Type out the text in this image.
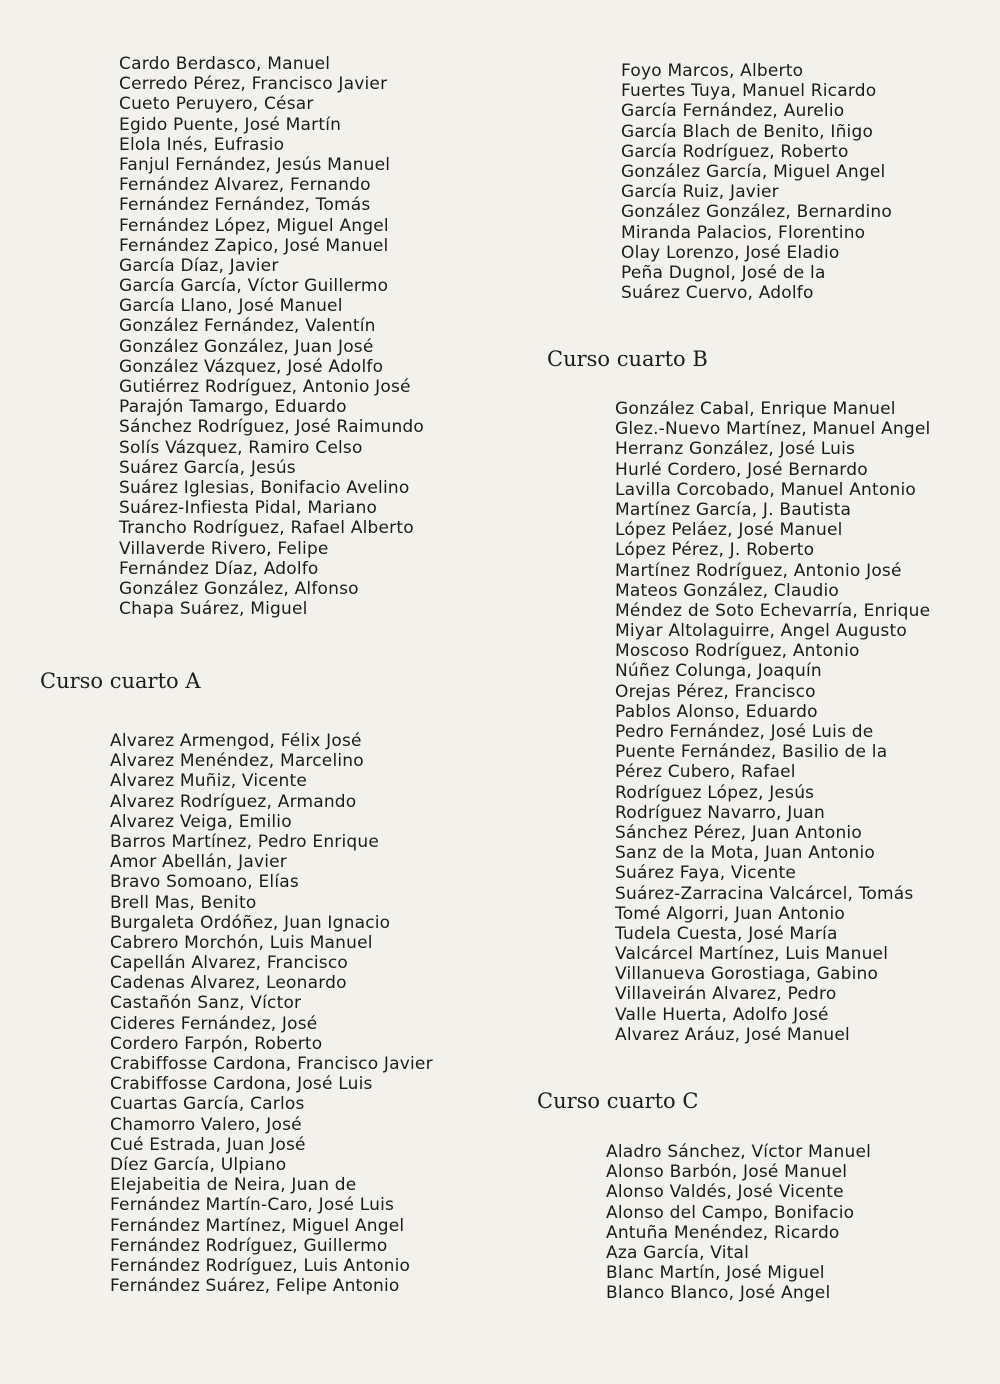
Cardo Berdasco, Manuel
Cerredo Pérez, Francisco Javier
Cueto Peruyero, César
Egido Puente, José Martín
Elola Inés, Eufrasio
Fanjul Fernández, Jesús Manuel
Fernández Alvarez, Fernando
Fernández Fernández, Tomás
Fernández López, Miguel Angel
Fernández Zapico, José Manuel
García Díaz, Javier
García García, Víctor Guillermo
García Llano, José Manuel
González Fernández, Valentín
González González, Juan José
González Vázquez, José Adolfo
Gutiérrez Rodríguez, Antonio José
Parajón Tamargo, Eduardo
Sánchez Rodríguez, José Raimundo
Solís Vázquez, Ramiro Celso
Suárez García, Jesús
Suárez Iglesias, Bonifacio Avelino
Suárez-Infiesta Pidal, Mariano
Trancho Rodríguez, Rafael Alberto
Villaverde Rivero, Felipe
Fernández Díaz, Adolfo
González González, Alfonso
Chapa Suárez, Miguel
Curso cuarto A
Alvarez Armengod, Félix José
Alvarez Menéndez, Marcelino
Alvarez Muñiz, Vicente
Alvarez Rodríguez, Armando
Alvarez Veiga, Emilio
Barros Martínez, Pedro Enrique
Amor Abellán, Javier
Bravo Somoano, Elías
Brell Mas, Benito
Burgaleta Ordóñez, Juan Ignacio
Cabrero Morchón, Luis Manuel
Capellán Alvarez, Francisco
Cadenas Alvarez, Leonardo
Castañón Sanz, Víctor
Cideres Fernández, José
Cordero Farpón, Roberto
Crabiffosse Cardona, Francisco Javier
Crabiffosse Cardona, José Luis
Cuartas García, Carlos
Chamorro Valero, José
Cué Estrada, Juan José
Díez García, Ulpiano
Elejabeitia de Neira, Juan de
Fernández Martín-Caro, José Luis
Fernández Martínez, Miguel Angel
Fernández Rodríguez, Guillermo
Fernández Rodríguez, Luis Antonio
Fernández Suárez, Felipe Antonio
Foyo Marcos, Alberto
Fuertes Tuya, Manuel Ricardo
García Fernández, Aurelio
García Blach de Benito, Iñigo
García Rodríguez, Roberto
González García, Miguel Angel
García Ruiz, Javier
González González, Bernardino
Miranda Palacios, Florentino
Olay Lorenzo, José Eladio
Peña Dugnol, José de la
Suárez Cuervo, Adolfo
Curso cuarto B
González Cabal, Enrique Manuel
Glez.-Nuevo Martínez, Manuel Angel
Herranz González, José Luis
Hurlé Cordero, José Bernardo
Lavilla Corcobado, Manuel Antonio
Martínez García, J. Bautista
López Peláez, José Manuel
López Pérez, J. Roberto
Martínez Rodríguez, Antonio José
Mateos González, Claudio
Méndez de Soto Echevarría, Enrique
Miyar Altolaguirre, Angel Augusto
Moscoso Rodríguez, Antonio
Núñez Colunga, Joaquín
Orejas Pérez, Francisco
Pablos Alonso, Eduardo
Pedro Fernández, José Luis de
Puente Fernández, Basilio de la
Pérez Cubero, Rafael
Rodríguez López, Jesús
Rodríguez Navarro, Juan
Sánchez Pérez, Juan Antonio
Sanz de la Mota, Juan Antonio
Suárez Faya, Vicente
Suárez-Zarracina Valcárcel, Tomás
Tomé Algorri, Juan Antonio
Tudela Cuesta, José María
Valcárcel Martínez, Luis Manuel
Villanueva Gorostiaga, Gabino
Villaveirán Alvarez, Pedro
Valle Huerta, Adolfo José
Alvarez Aráuz, José Manuel
Curso cuarto C
Aladro Sánchez, Víctor Manuel
Alonso Barbón, José Manuel
Alonso Valdés, José Vicente
Alonso del Campo, Bonifacio
Antuña Menéndez, Ricardo
Aza García, Vital
Blanc Martín, José Miguel
Blanco Blanco, José Angel
